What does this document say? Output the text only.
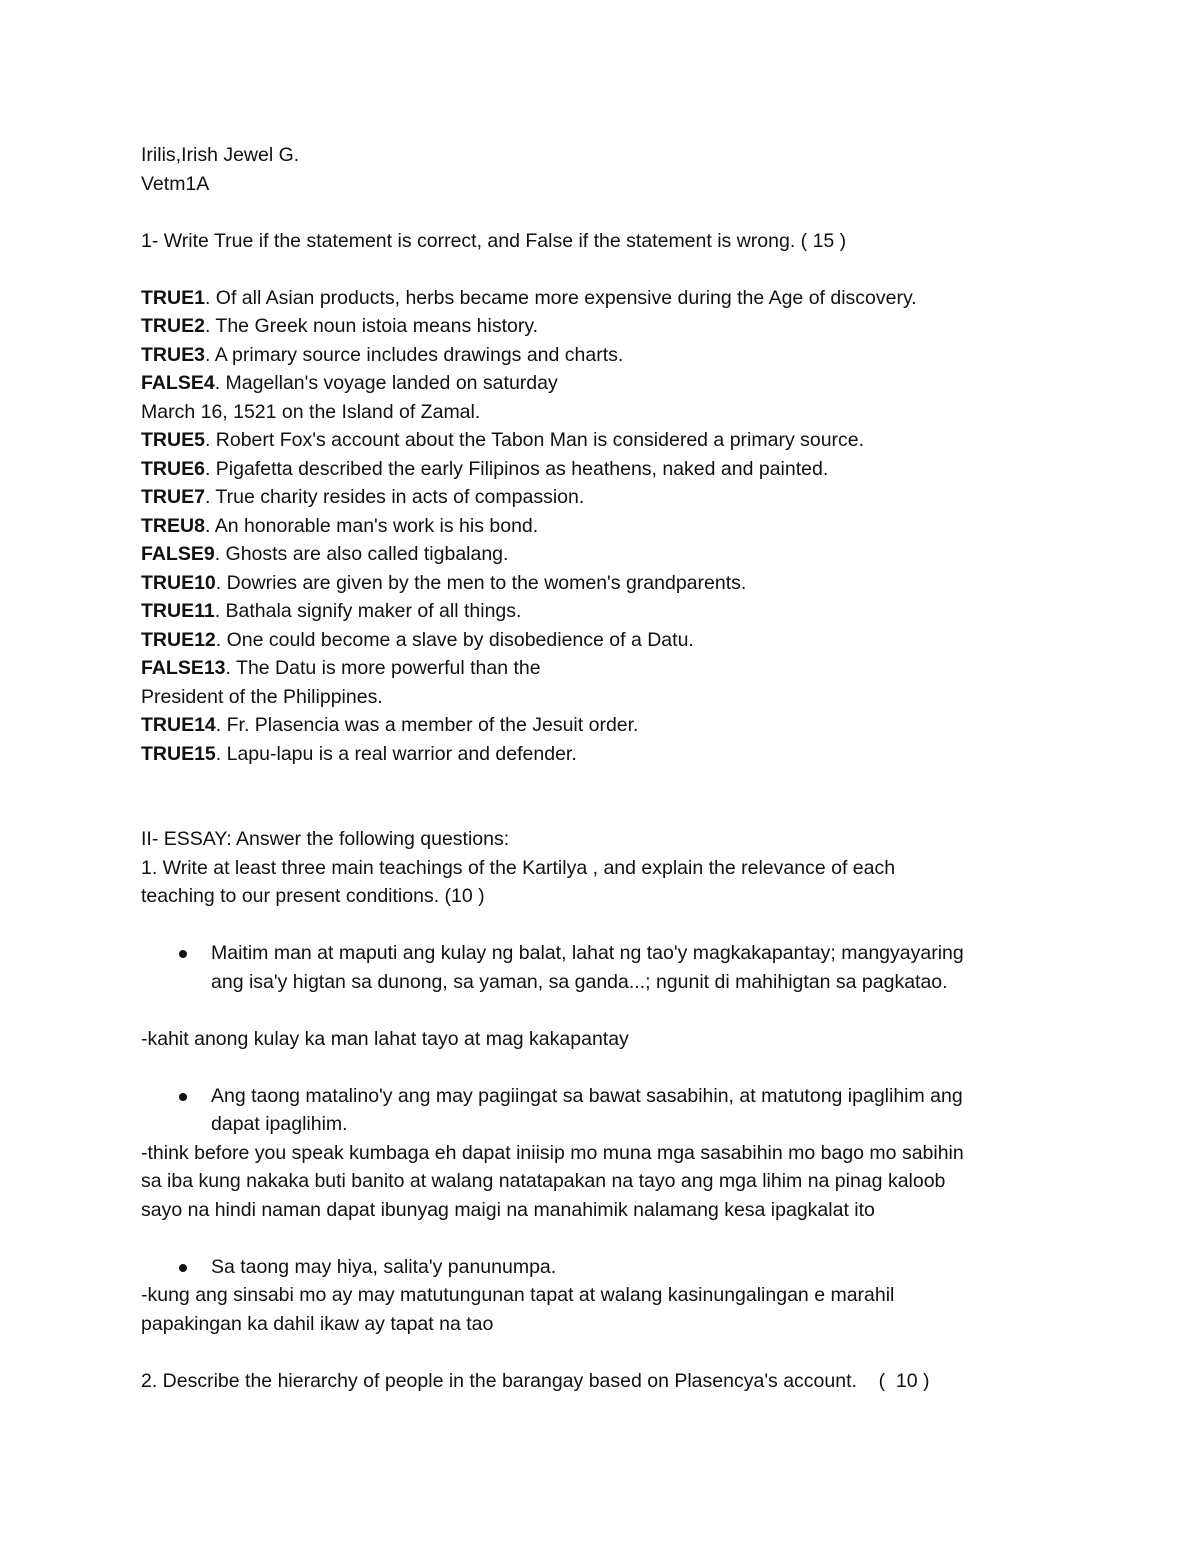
Irilis,Irish Jewel G.
Vetm1A
1- Write True if the statement is correct, and False if the statement is wrong. ( 15 )
TRUE1. Of all Asian products, herbs became more expensive during the Age of discovery.
TRUE2. The Greek noun istoia means history.
TRUE3. A primary source includes drawings and charts.
FALSE4. Magellan's voyage landed on saturday
March 16, 1521 on the Island of Zamal.
TRUE5. Robert Fox's account about the Tabon Man is considered a primary source.
TRUE6. Pigafetta described the early Filipinos as heathens, naked and painted.
TRUE7. True charity resides in acts of compassion.
TREU8. An honorable man's work is his bond.
FALSE9. Ghosts are also called tigbalang.
TRUE10. Dowries are given by the men to the women's grandparents.
TRUE11. Bathala signify maker of all things.
TRUE12. One could become a slave by disobedience of a Datu.
FALSE13. The Datu is more powerful than the
President of the Philippines.
TRUE14. Fr. Plasencia was a member of the Jesuit order.
TRUE15. Lapu-lapu is a real warrior and defender.
II- ESSAY: Answer the following questions:
1. Write at least three main teachings of the Kartilya , and explain the relevance of each
teaching to our present conditions. (10 )
Maitim man at maputi ang kulay ng balat, lahat ng tao'y magkakapantay; mangyayaring
ang isa'y higtan sa dunong, sa yaman, sa ganda...; ngunit di mahihigtan sa pagkatao.
-kahit anong kulay ka man lahat tayo at mag kakapantay
Ang taong matalino'y ang may pagiingat sa bawat sasabihin, at matutong ipaglihim ang
dapat ipaglihim.
-think before you speak kumbaga eh dapat iniisip mo muna mga sasabihin mo bago mo sabihin
sa iba kung nakaka buti banito at walang natatapakan na tayo ang mga lihim na pinag kaloob
sayo na hindi naman dapat ibunyag maigi na manahimik nalamang kesa ipagkalat ito
Sa taong may hiya, salita'y panunumpa.
-kung ang sinsabi mo ay may matutungunan tapat at walang kasinungalingan e marahil
papakingan ka dahil ikaw ay tapat na tao
2. Describe the hierarchy of people in the barangay based on Plasencya's account.    (  10 )
